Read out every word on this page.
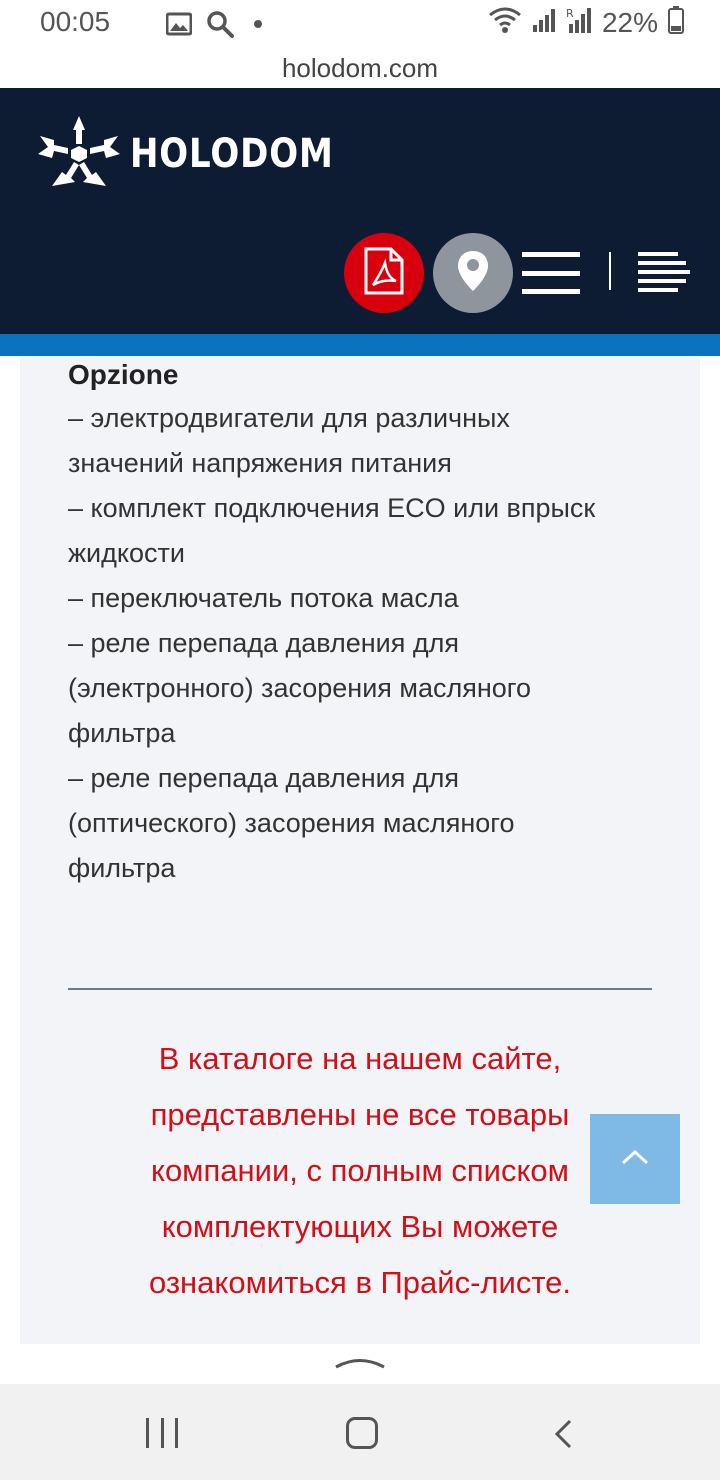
00:05	R 22%
holodom.com
HOLODOM
Opzione
– электродвигатели для различных
значений напряжения питания
– комплект подключения ECO или впрыск
жидкости
– переключатель потока масла
– реле перепада давления для
(электронного) засорения масляного
фильтра
– реле перепада давления для
(оптического) засорения масляного
фильтра
В каталоге на нашем сайте,
представлены не все товары
компании, с полным списком
комплектующих Вы можете
ознакомиться в Прайс-листе.
